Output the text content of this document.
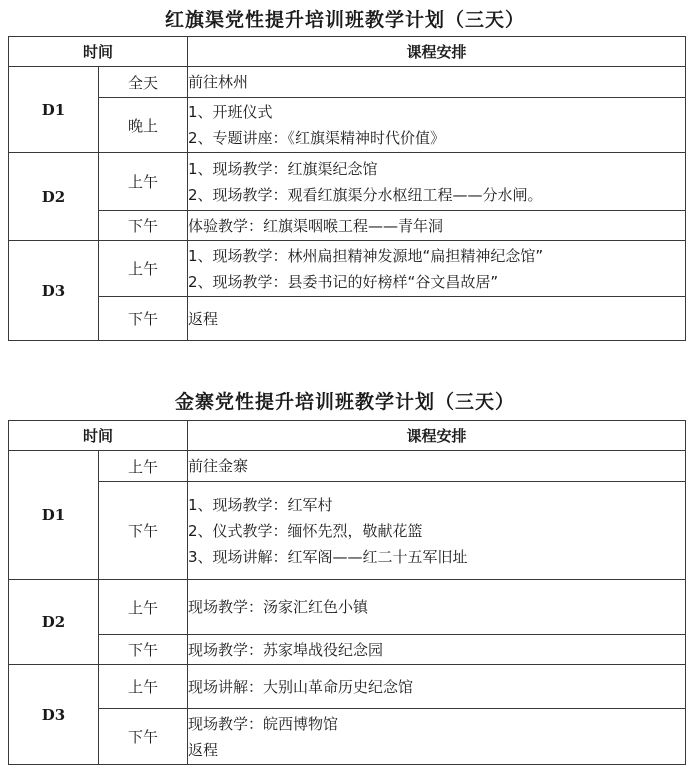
红旗渠党性提升培训班教学计划（三天）
时间		课程安排
D1	全天	前往林州

	晚上	1、开班仪式
2、专题讲座：《红旗渠精神时代价值》

D2	上午	1、现场教学：红旗渠纪念馆
2、现场教学：观看红旗渠分水枢纽工程——分水闸。

	下午	体验教学：红旗渠咽喉工程——青年洞

D3	上午	1、现场教学：林州扁担精神发源地“扁担精神纪念馆”
2、现场教学：县委书记的好榜样“谷文昌故居”

	下午	返程
金寨党性提升培训班教学计划（三天）
时间		课程安排
D1	上午	前往金寨

	下午	1、现场教学：红军村
2、仪式教学：缅怀先烈，敬献花篮
3、现场讲解：红军阁——红二十五军旧址

D2	上午	现场教学：汤家汇红色小镇

	下午	现场教学：苏家埠战役纪念园

D3	上午	现场讲解：大别山革命历史纪念馆

	下午	现场教学：皖西博物馆
返程
